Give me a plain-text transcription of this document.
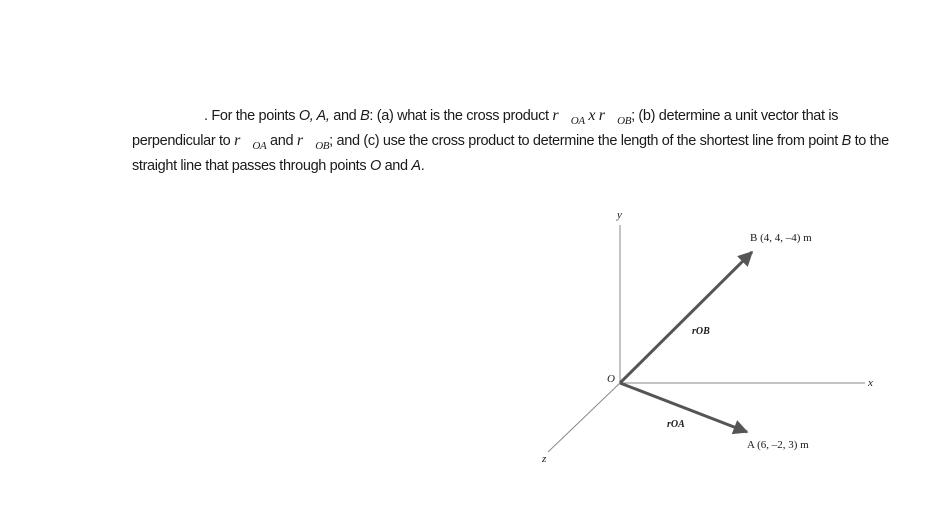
. For the points O, A, and B: (a) what is the cross product $r⃗_{OA}$ x $r⃗_{OB}$; (b) determine a unit vector that is perpendicular to $r⃗_{OA}$ and $r⃗_{OB}$; and (c) use the cross product to determine the length of the shortest line from point B to the straight line that passes through points O and A.

y
x
z
O
rOB
rOA
B (4, 4, –4) m
A (6, –2, 3) m
